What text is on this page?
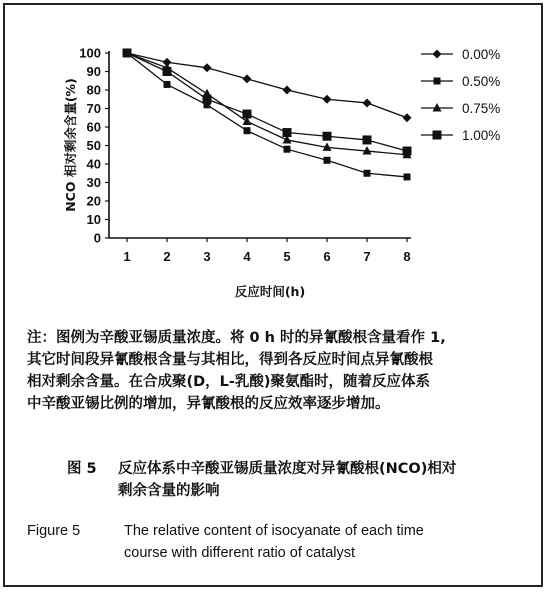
0
10
20
30
40
50
60
70
80
90
100
1	2	3	4	5	6	7	8
反应时间(h)
NCO 相对剩余含量(%)
0.00%
0.50%
0.75%
1.00%
注：图例为辛酸亚锡质量浓度。将 0 h 时的异氰酸根含量看作 1,
其它时间段异氰酸根含量与其相比，得到各反应时间点异氰酸根
相对剩余含量。在合成聚(D，L-乳酸)聚氨酯时，随着反应体系
中辛酸亚锡比例的增加，异氰酸根的反应效率逐步增加。
图 5 反应体系中辛酸亚锡质量浓度对异氰酸根(NCO)相对
剩余含量的影响
Figure 5	The relative content of isocyanate of each time
course with different ratio of catalyst
